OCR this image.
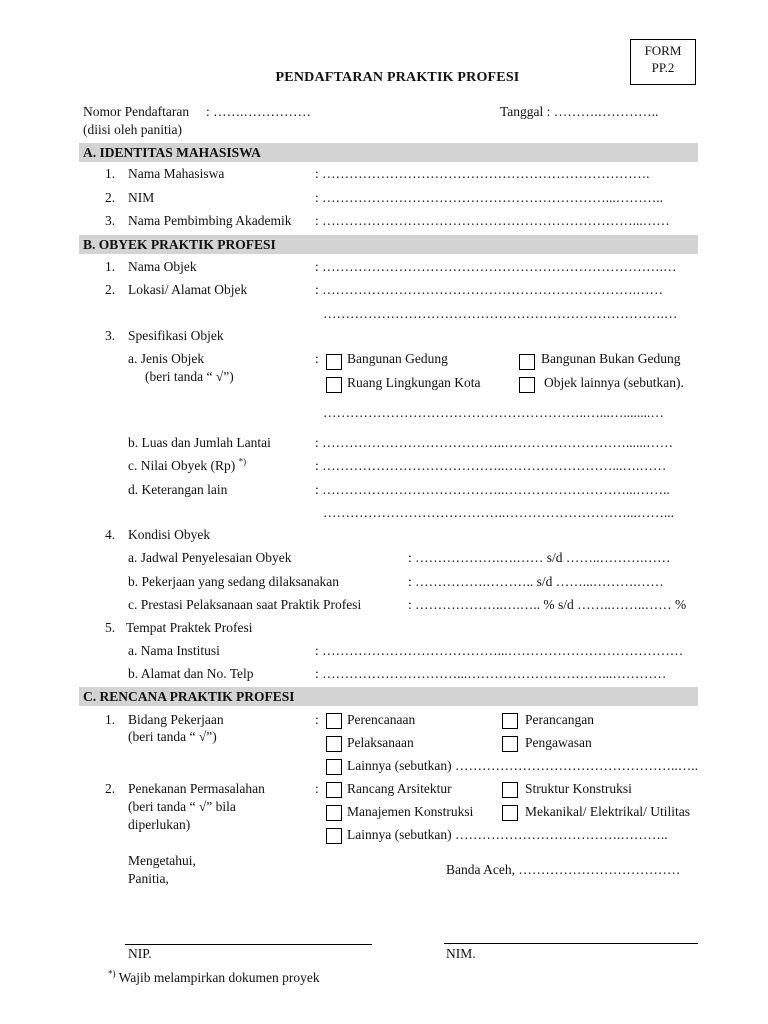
FORM
PP.2
PENDAFTARAN PRAKTIK PROFESI
Nomor Pendaftaran : …….……………	Tanggal : ……….…………..
(diisi oleh panitia)
A. IDENTITAS MAHASISWA
1. Nama Mahasiswa	: ……………………………………………………………….
2. NIM	: ………………………………………………………...………..
3. Nama Pembimbing Akademik : ……………………………………………………………...……
B. OBYEK PRAKTIK PROFESI
1. Nama Objek	: ………………………………………………………………….…
2. Lokasi/ Alamat Objek	: …………………………………………………………….……
………………………………………………………………….…
3. Spesifikasi Objek
a. Jenis Objek
(beri tanda “ √”)
: Bangunan Gedung	Bangunan Bukan Gedung
Ruang Lingkungan Kota	Objek lainnya (sebutkan).
…………………………………………………..…...…........…
b. Luas dan Jumlah Lantai	: …………………………………..………………………......……
c. Nilai Obyek (Rp) *)	: …………………………………..……………………...….……
d. Keterangan lain	: …………………………………..………………………...……..
…………………………………..………………………...……...
4. Kondisi Obyek
a. Jadwal Penyelesaian Obyek	: ……………….….…… s/d ……..……….……
b. Pekerjaan yang sedang dilaksanakan	: …………….……….. s/d ……...……….……
c. Prestasi Pelaksanaan saat Praktik Profesi	: ………………..….….. % s/d ……..……..…… %
5. Tempat Praktek Profesi
a. Nama Institusi	: …………………………………...…………………………………
b. Alamat dan No. Telp	: …………………………...…………………………...…………
C. RENCANA PRAKTIK PROFESI
1. Bidang Pekerjaan
(beri tanda “ √”)
: Perencanaan	Perancangan
Pelaksanaan	Pengawasan
Lainnya (sebutkan) …………………………………………..…..
2. Penekanan Permasalahan
(beri tanda “ √” bila
diperlukan)
: Rancang Arsitektur	Struktur Konstruksi
Manajemen Konstruksi	Mekanikal/ Elektrikal/ Utilitas
Lainnya (sebutkan) ……………………………….………..
Mengetahui,
Panitia,
Banda Aceh, ………………………………
NIP.	NIM.
*) Wajib melampirkan dokumen proyek
